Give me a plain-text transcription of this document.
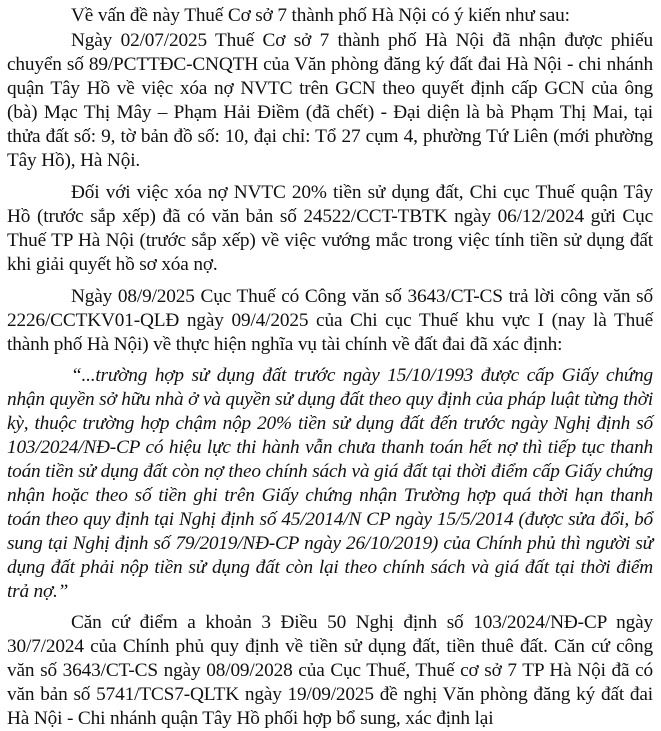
Về vấn đề này Thuế Cơ sở 7 thành phố Hà Nội có ý kiến như sau:

Ngày 02/07/2025 Thuế Cơ sở 7 thành phố Hà Nội đã nhận được phiếu chuyển số 89/PCTTĐC-CNQTH của Văn phòng đăng ký đất đai Hà Nội - chi nhánh quận Tây Hồ về việc xóa nợ NVTC trên GCN theo quyết định cấp GCN của ông (bà) Mạc Thị Mây – Phạm Hải Điềm (đã chết) - Đại diện là bà Phạm Thị Mai, tại thửa đất số: 9, tờ bản đồ số: 10, đại chỉ: Tổ 27 cụm 4, phường Tứ Liên (mới phường Tây Hồ), Hà Nội.

Đối với việc xóa nợ NVTC 20% tiền sử dụng đất, Chi cục Thuế quận Tây Hồ (trước sắp xếp) đã có văn bản số 24522/CCT-TBTK ngày 06/12/2024 gửi Cục Thuế TP Hà Nội (trước sắp xếp) về việc vướng mắc trong việc tính tiền sử dụng đất khi giải quyết hồ sơ xóa nợ.

Ngày 08/9/2025 Cục Thuế có Công văn số 3643/CT-CS trả lời công văn số 2226/CCTKV01-QLĐ ngày 09/4/2025 của Chi cục Thuế khu vực I (nay là Thuế thành phố Hà Nội) về thực hiện nghĩa vụ tài chính về đất đai đã xác định:

“...trường hợp sử dụng đất trước ngày 15/10/1993 được cấp Giấy chứng nhận quyền sở hữu nhà ở và quyền sử dụng đất theo quy định của pháp luật từng thời kỳ, thuộc trường hợp chậm nộp 20% tiền sử dụng đất đến trước ngày Nghị định số 103/2024/NĐ-CP có hiệu lực thi hành vẫn chưa thanh toán hết nợ thì tiếp tục thanh toán tiền sử dụng đất còn nợ theo chính sách và giá đất tại thời điểm cấp Giấy chứng nhận hoặc theo số tiền ghi trên Giấy chứng nhận Trường hợp quá thời hạn thanh toán theo quy định tại Nghị định số 45/2014/N CP ngày 15/5/2014 (được sửa đổi, bổ sung tại Nghị định số 79/2019/NĐ-CP ngày 26/10/2019) của Chính phủ thì người sử dụng đất phải nộp tiền sử dụng đất còn lại theo chính sách và giá đất tại thời điểm trả nợ.”

Căn cứ điểm a khoản 3 Điều 50 Nghị định số 103/2024/NĐ-CP ngày 30/7/2024 của Chính phủ quy định về tiền sử dụng đất, tiền thuê đất. Căn cứ công văn số 3643/CT-CS ngày 08/09/2028 của Cục Thuế, Thuế cơ sở 7 TP Hà Nội đã có văn bản số 5741/TCS7-QLTK ngày 19/09/2025 đề nghị Văn phòng đăng ký đất đai Hà Nội - Chi nhánh quận Tây Hồ phối hợp bổ sung, xác định lại
